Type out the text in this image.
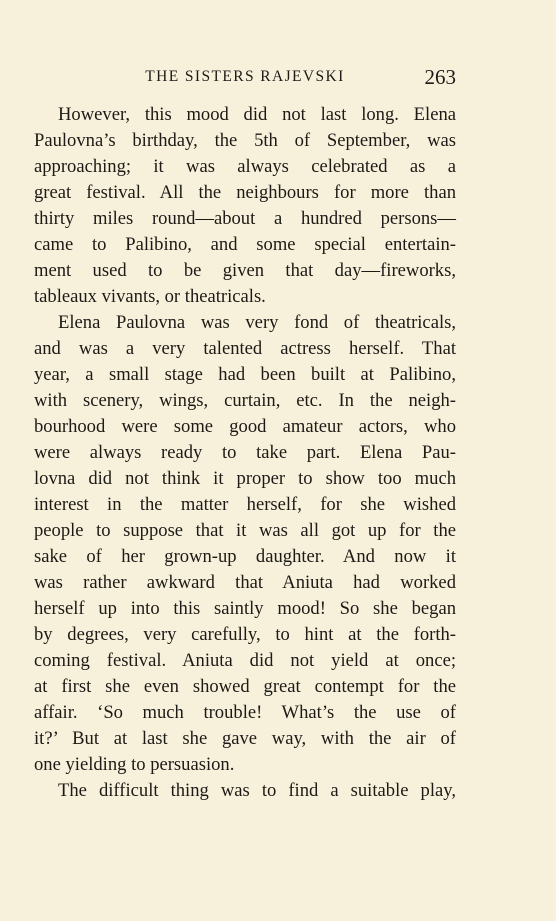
THE SISTERS RAJEVSKI	263
However, this mood did not last long. Elena
Paulovna’s birthday, the 5th of September, was
approaching; it was always celebrated as a
great festival. All the neighbours for more than
thirty miles round—about a hundred persons—
came to Palibino, and some special entertain-
ment used to be given that day—fireworks,
tableaux vivants, or theatricals.
Elena Paulovna was very fond of theatricals,
and was a very talented actress herself. That
year, a small stage had been built at Palibino,
with scenery, wings, curtain, etc. In the neigh-
bourhood were some good amateur actors, who
were always ready to take part. Elena Pau-
lovna did not think it proper to show too much
interest in the matter herself, for she wished
people to suppose that it was all got up for the
sake of her grown-up daughter. And now it
was rather awkward that Aniuta had worked
herself up into this saintly mood! So she began
by degrees, very carefully, to hint at the forth-
coming festival. Aniuta did not yield at once;
at first she even showed great contempt for the
affair. ‘So much trouble! What’s the use of
it?’ But at last she gave way, with the air of
one yielding to persuasion.
The difficult thing was to find a suitable play,
